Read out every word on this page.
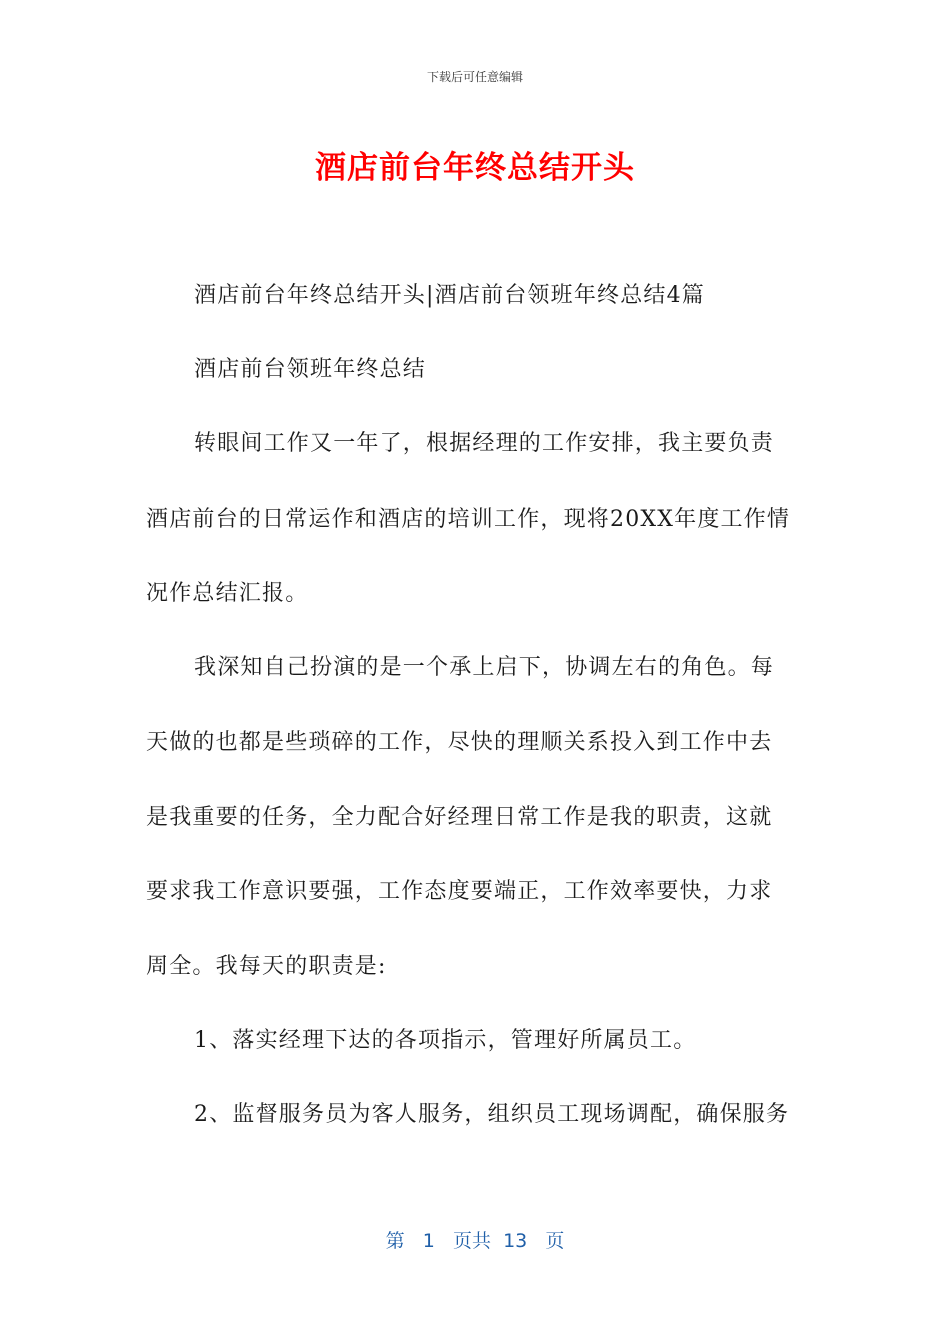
下载后可任意编辑
酒店前台年终总结开头
酒店前台年终总结开头|酒店前台领班年终总结4篇
酒店前台领班年终总结
转眼间工作又一年了，根据经理的工作安排，我主要负责
酒店前台的日常运作和酒店的培训工作，现将20XX年度工作情
况作总结汇报。
我深知自己扮演的是一个承上启下，协调左右的角色。每
天做的也都是些琐碎的工作，尽快的理顺关系投入到工作中去
是我重要的任务，全力配合好经理日常工作是我的职责，这就
要求我工作意识要强，工作态度要端正，工作效率要快，力求
周全。我每天的职责是:
1、落实经理下达的各项指示，管理好所属员工。
2、监督服务员为客人服务，组织员工现场调配，确保服务
第 1 页共 13 页
